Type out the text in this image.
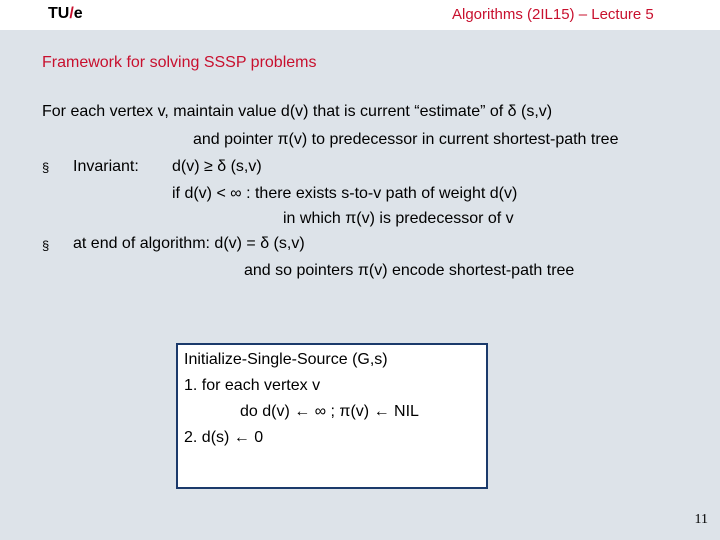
TU/e	Algorithms (2IL15) – Lecture 5
Framework for solving SSSP problems
For each vertex v, maintain value d(v) that is current “estimate” of δ (s,v)
and pointer π(v) to predecessor in current shortest-path tree
§ Invariant: d(v) ≥ δ (s,v)
if d(v) < ∞ : there exists s-to-v path of weight d(v)
in which π(v) is predecessor of v
§ at end of algorithm: d(v) = δ (s,v)
and so pointers π(v) encode shortest-path tree
Initialize-Single-Source (G,s)
1. for each vertex v
do d(v) ← ∞ ; π(v) ← NIL
2. d(s) ← 0
11
